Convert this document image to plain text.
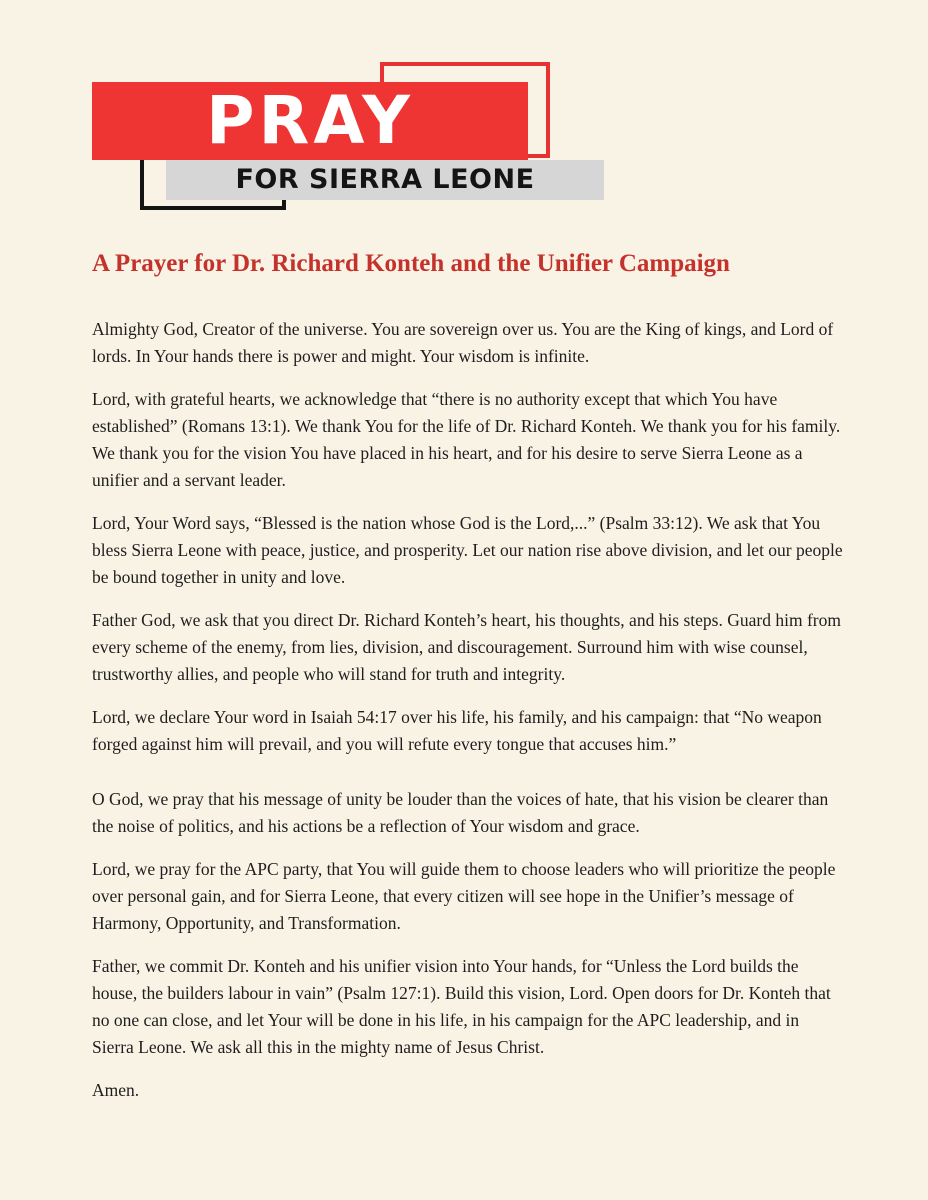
PRAY
FOR SIERRA LEONE
A Prayer for Dr. Richard Konteh and the Unifier Campaign

Almighty God, Creator of the universe. You are sovereign over us. You are the King of kings, and Lord of lords. In Your hands there is power and might. Your wisdom is infinite.

Lord, with grateful hearts, we acknowledge that “there is no authority except that which You have established” (Romans 13:1). We thank You for the life of Dr. Richard Konteh. We thank you for his family. We thank you for the vision You have placed in his heart, and for his desire to serve Sierra Leone as a unifier and a servant leader.

Lord, Your Word says, “Blessed is the nation whose God is the Lord,...” (Psalm 33:12). We ask that You bless Sierra Leone with peace, justice, and prosperity. Let our nation rise above division, and let our people be bound together in unity and love.

Father God, we ask that you direct Dr. Richard Konteh’s heart, his thoughts, and his steps. Guard him from every scheme of the enemy, from lies, division, and discouragement. Surround him with wise counsel, trustworthy allies, and people who will stand for truth and integrity.

Lord, we declare Your word in Isaiah 54:17 over his life, his family, and his campaign: that “No weapon forged against him will prevail, and you will refute every tongue that accuses him.”

O God, we pray that his message of unity be louder than the voices of hate, that his vision be clearer than the noise of politics, and his actions be a reflection of Your wisdom and grace.

Lord, we pray for the APC party, that You will guide them to choose leaders who will prioritize the people over personal gain, and for Sierra Leone, that every citizen will see hope in the Unifier’s message of Harmony, Opportunity, and Transformation.

Father, we commit Dr. Konteh and his unifier vision into Your hands, for “Unless the Lord builds the house, the builders labour in vain” (Psalm 127:1). Build this vision, Lord. Open doors for Dr. Konteh that no one can close, and let Your will be done in his life, in his campaign for the APC leadership, and in Sierra Leone. We ask all this in the mighty name of Jesus Christ.

Amen.
